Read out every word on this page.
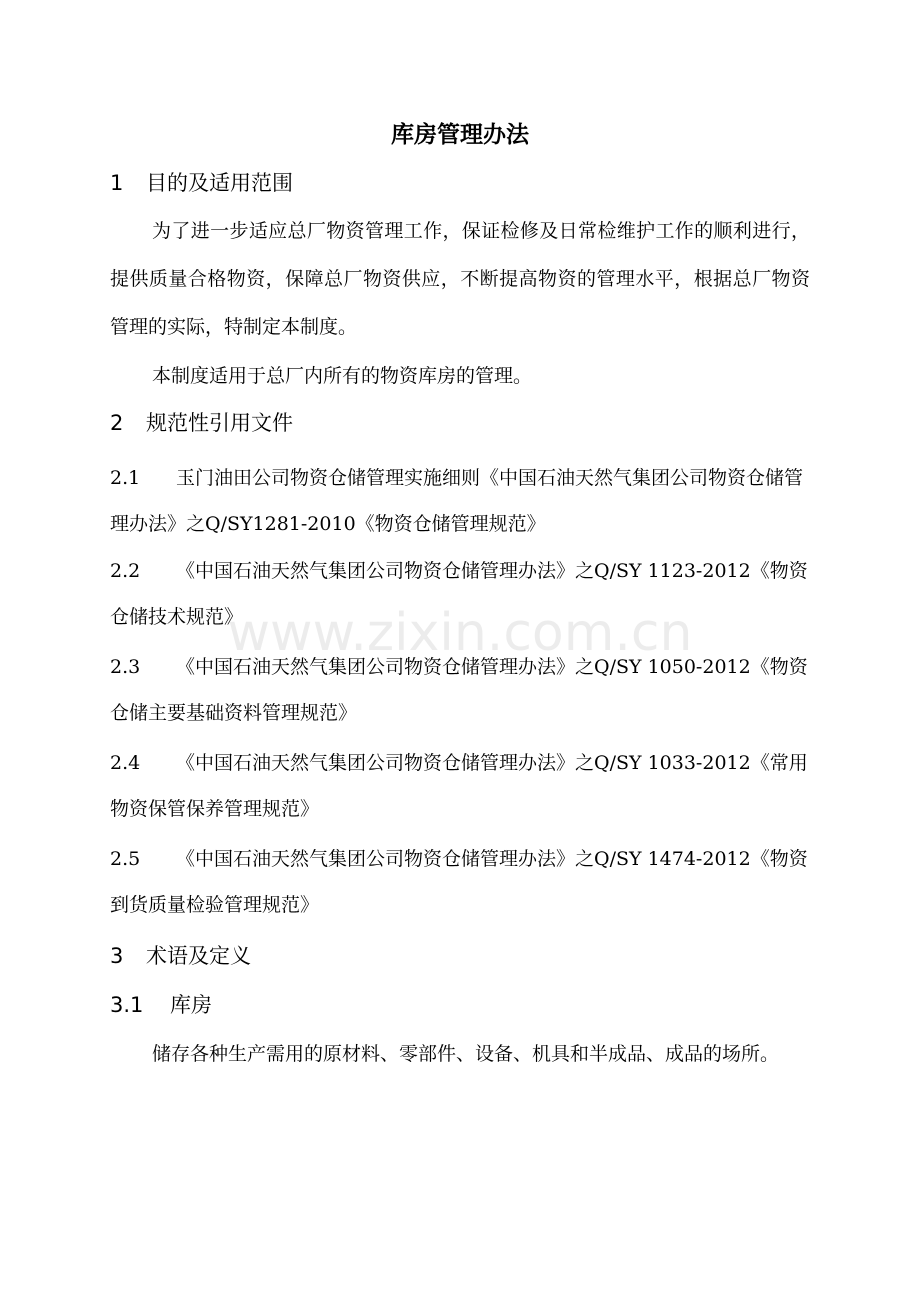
库房管理办法
1 目的及适用范围

为了进一步适应总厂物资管理工作，保证检修及日常检维护工作的顺利进行，提供质量合格物资，保障总厂物资供应，不断提高物资的管理水平，根据总厂物资管理的实际，特制定本制度。

本制度适用于总厂内所有的物资库房的管理。

2 规范性引用文件

2.1 玉门油田公司物资仓储管理实施细则《中国石油天然气集团公司物资仓储管理办法》之Q/SY1281-2010《物资仓储管理规范》

2.2 《中国石油天然气集团公司物资仓储管理办法》之Q/SY 1123-2012《物资仓储技术规范》

2.3 《中国石油天然气集团公司物资仓储管理办法》之Q/SY 1050-2012《物资仓储主要基础资料管理规范》

2.4 《中国石油天然气集团公司物资仓储管理办法》之Q/SY 1033-2012《常用物资保管保养管理规范》

2.5 《中国石油天然气集团公司物资仓储管理办法》之Q/SY 1474-2012《物资到货质量检验管理规范》

3 术语及定义
3.1 库房

储存各种生产需用的原材料、零部件、设备、机具和半成品、成品的场所。

www.zixin.com.cn
